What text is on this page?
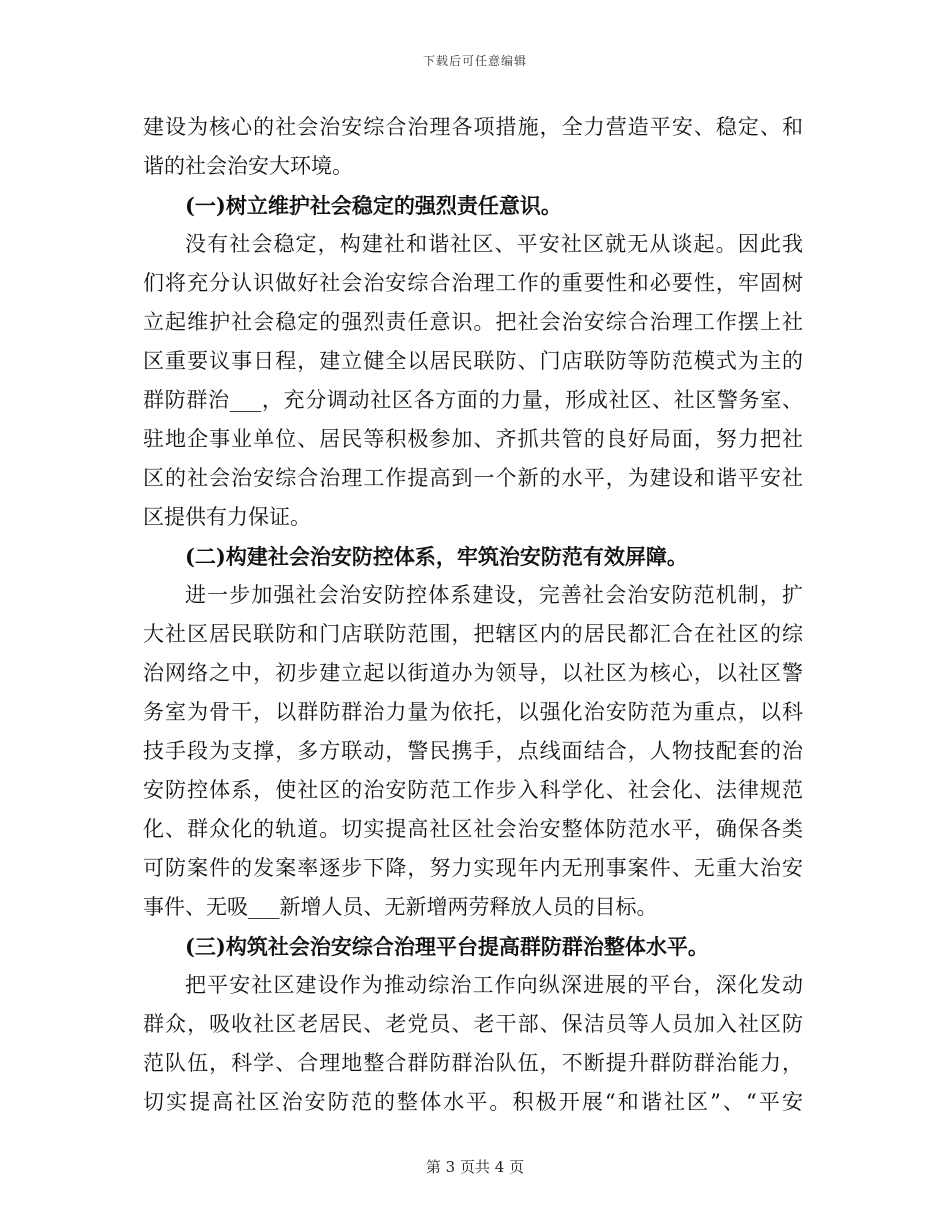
下载后可任意编辑
建设为核心的社会治安综合治理各项措施，全力营造平安、稳定、和
谐的社会治安大环境。
(一)树立维护社会稳定的强烈责任意识。
没有社会稳定，构建社和谐社区、平安社区就无从谈起。因此我
们将充分认识做好社会治安综合治理工作的重要性和必要性，牢固树
立起维护社会稳定的强烈责任意识。把社会治安综合治理工作摆上社
区重要议事日程，建立健全以居民联防、门店联防等防范模式为主的
群防群治___，充分调动社区各方面的力量，形成社区、社区警务室、
驻地企事业单位、居民等积极参加、齐抓共管的良好局面，努力把社
区的社会治安综合治理工作提高到一个新的水平，为建设和谐平安社
区提供有力保证。
(二)构建社会治安防控体系，牢筑治安防范有效屏障。
进一步加强社会治安防控体系建设，完善社会治安防范机制，扩
大社区居民联防和门店联防范围，把辖区内的居民都汇合在社区的综
治网络之中，初步建立起以街道办为领导，以社区为核心，以社区警
务室为骨干，以群防群治力量为依托，以强化治安防范为重点，以科
技手段为支撑，多方联动，警民携手，点线面结合，人物技配套的治
安防控体系，使社区的治安防范工作步入科学化、社会化、法律规范
化、群众化的轨道。切实提高社区社会治安整体防范水平，确保各类
可防案件的发案率逐步下降，努力实现年内无刑事案件、无重大治安
事件、无吸___新增人员、无新增两劳释放人员的目标。
(三)构筑社会治安综合治理平台提高群防群治整体水平。
把平安社区建设作为推动综治工作向纵深进展的平台，深化发动
群众，吸收社区老居民、老党员、老干部、保洁员等人员加入社区防
范队伍，科学、合理地整合群防群治队伍，不断提升群防群治能力，
切实提高社区治安防范的整体水平。积极开展“和谐社区”、“平安
第 3 页共 4 页
